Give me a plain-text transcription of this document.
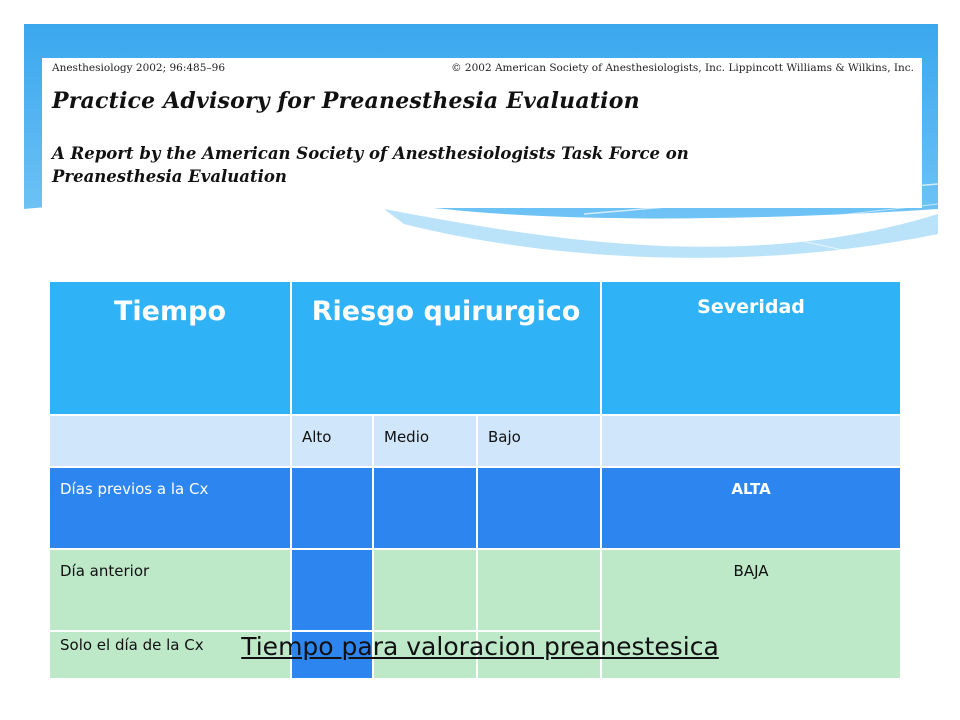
Anesthesiology 2002; 96:485–96	© 2002 American Society of Anesthesiologists, Inc. Lippincott Williams & Wilkins, Inc.
Practice Advisory for Preanesthesia Evaluation
A Report by the American Society of Anesthesiologists Task Force on
Preanesthesia Evaluation
Tiempo	Riesgo quirurgico			Severidad
	Alto	Medio	Bajo	
Días previos a la Cx				ALTA
Día anterior				BAJA
Solo el día de la Cx					Tiempo para valoracion preanestesica
